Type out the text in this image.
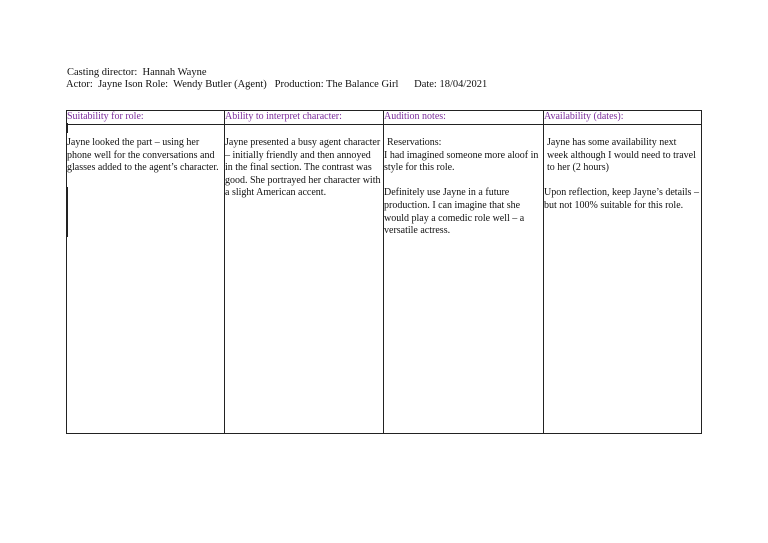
Casting director:  Hannah Wayne
Actor:  Jayne Ison Role:  Wendy Butler (Agent)   Production: The Balance Girl      Date: 18/04/2021
Suitability for role:

Jayne looked the part – using her phone well for the conversations and glasses added to the agent’s character.

Ability to interpret character:

Jayne presented a busy agent character – initially friendly and then annoyed in the final section. The contrast was good. She portrayed her character with a slight American accent.

Audition notes:

Reservations:

I had imagined someone more aloof in style for this role.

Definitely use Jayne in a future production. I can imagine that she would play a comedic role well – a versatile actress.

Availability (dates):

Jayne has some availability next week although I would need to travel to her (2 hours)

Upon reflection, keep Jayne’s details – but not 100% suitable for this role.
